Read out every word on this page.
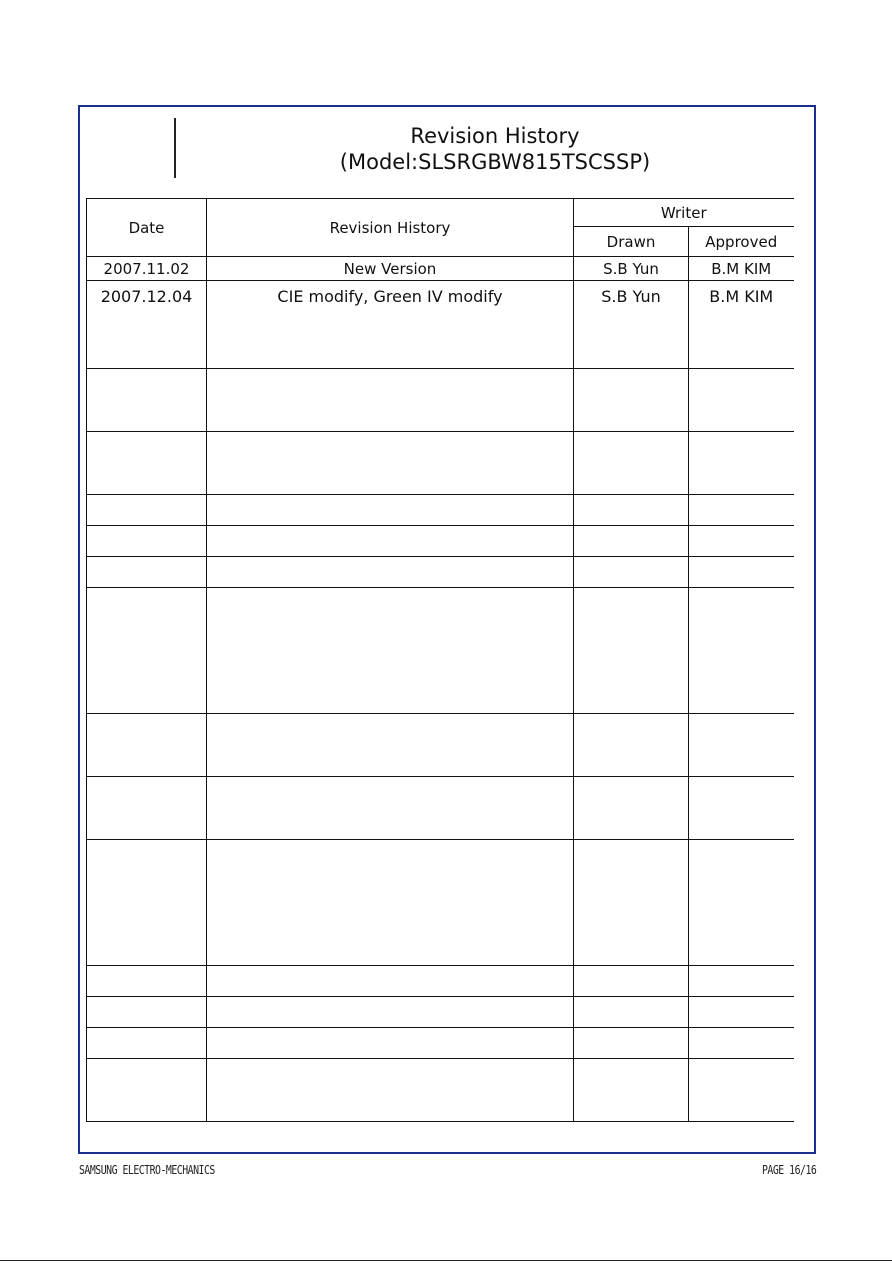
Revision History
(Model:SLSRGBW815TSCSSP)
Date	Revision History	Writer	
		Drawn	Approved
2007.11.02	New Version	S.B Yun	B.M KIM
2007.12.04	CIE modify, Green IV modify	S.B Yun	B.M KIM

SAMSUNG ELECTRO-MECHANICS	PAGE 16/16
